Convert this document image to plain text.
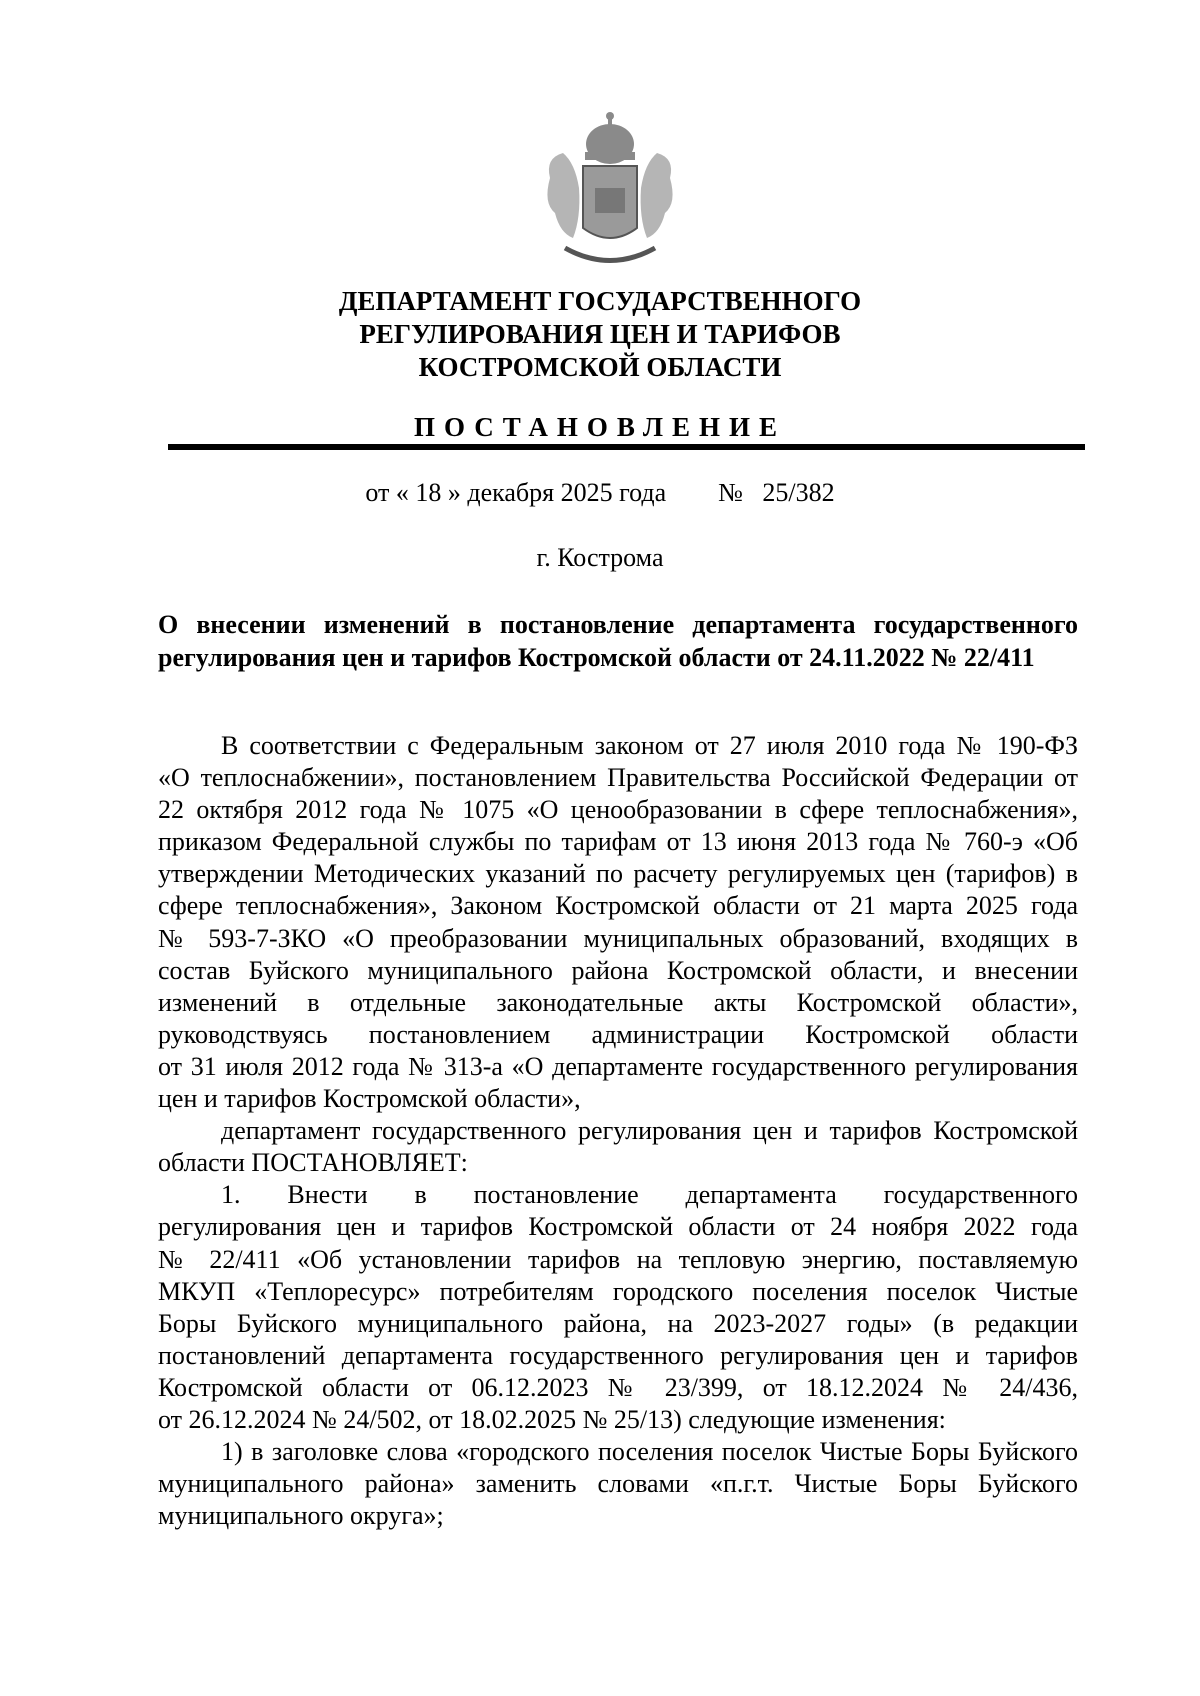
ДЕПАРТАМЕНТ ГОСУДАРСТВЕННОГО
РЕГУЛИРОВАНИЯ ЦЕН И ТАРИФОВ
КОСТРОМСКОЙ ОБЛАСТИ
ПОСТАНОВЛЕНИЕ
от « 18 » декабря 2025 года        №   25/382
г. Кострома
О внесении изменений в постановление департамента государственного
регулирования цен и тарифов Костромской области от 24.11.2022 № 22/411
В соответствии с Федеральным законом от 27 июля 2010 года № 190-ФЗ
«О теплоснабжении», постановлением Правительства Российской Федерации от
22 октября 2012 года № 1075 «О ценообразовании в сфере теплоснабжения»,
приказом Федеральной службы по тарифам от 13 июня 2013 года № 760-э «Об
утверждении Методических указаний по расчету регулируемых цен (тарифов) в
сфере теплоснабжения», Законом Костромской области от 21 марта 2025 года
№ 593-7-ЗКО «О преобразовании муниципальных образований, входящих в
состав Буйского муниципального района Костромской области, и внесении
изменений в отдельные законодательные акты Костромской области»,
руководствуясь постановлением администрации Костромской области
от 31 июля 2012 года № 313-а «О департаменте государственного регулирования
цен и тарифов Костромской области»,
департамент государственного регулирования цен и тарифов Костромской
области ПОСТАНОВЛЯЕТ:
1. Внести в постановление департамента государственного
регулирования цен и тарифов Костромской области от 24 ноября 2022 года
№ 22/411 «Об установлении тарифов на тепловую энергию, поставляемую
МКУП «Теплоресурс» потребителям городского поселения поселок Чистые
Боры Буйского муниципального района, на 2023-2027 годы» (в редакции
постановлений департамента государственного регулирования цен и тарифов
Костромской области от 06.12.2023 № 23/399, от 18.12.2024 № 24/436,
от 26.12.2024 № 24/502, от 18.02.2025 № 25/13) следующие изменения:
1) в заголовке слова «городского поселения поселок Чистые Боры Буйского
муниципального района» заменить словами «п.г.т. Чистые Боры Буйского
муниципального округа»;
